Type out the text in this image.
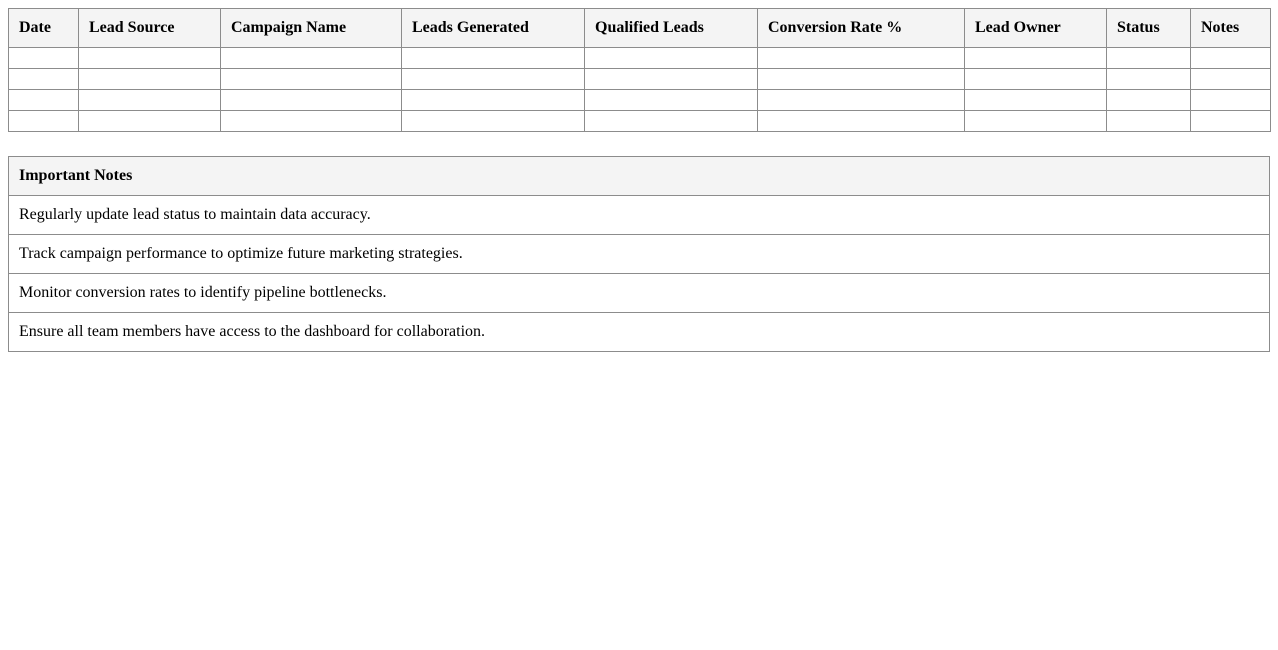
Date	Lead Source	Campaign Name	Leads Generated	Qualified Leads	Conversion Rate %	Lead Owner	Status	Notes

Important Notes
Regularly update lead status to maintain data accuracy.
Track campaign performance to optimize future marketing strategies.
Monitor conversion rates to identify pipeline bottlenecks.
Ensure all team members have access to the dashboard for collaboration.
